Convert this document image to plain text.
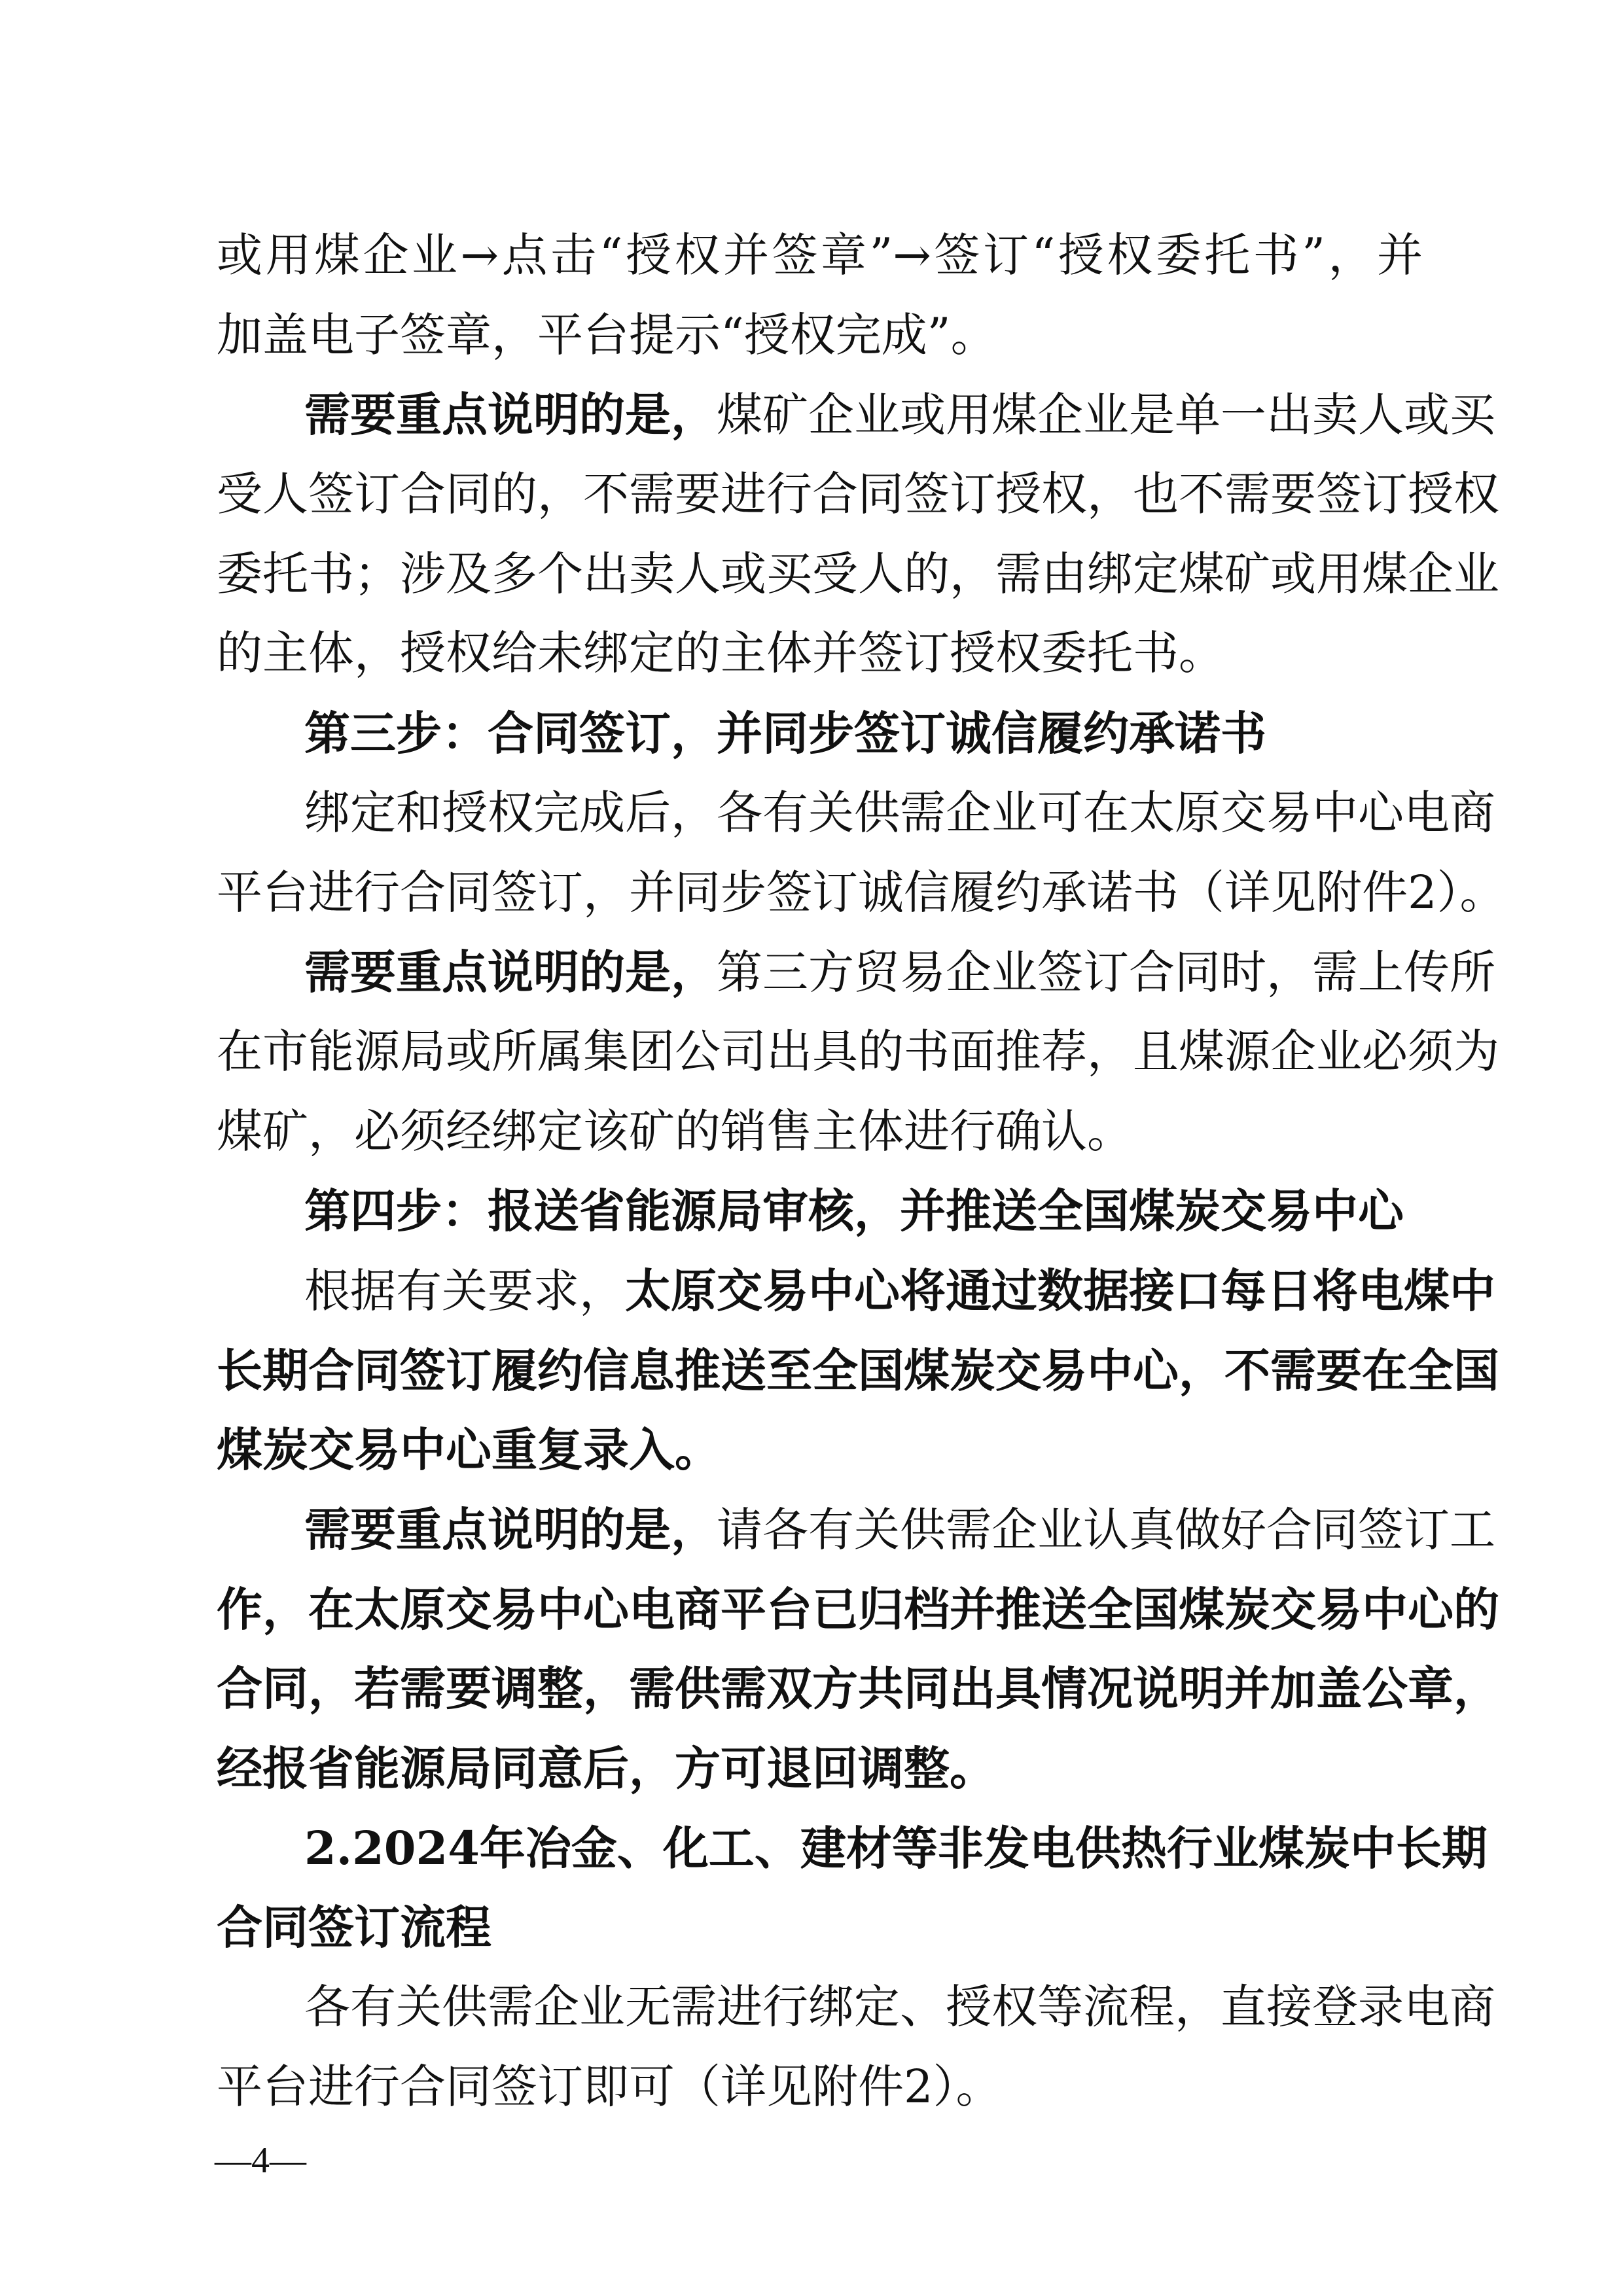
或用煤企业→点击“授权并签章”→签订“授权委托书”，并
加盖电子签章，平台提示“授权完成”。
需要重点说明的是，煤矿企业或用煤企业是单一出卖人或买
受人签订合同的，不需要进行合同签订授权，也不需要签订授权
委托书；涉及多个出卖人或买受人的，需由绑定煤矿或用煤企业
的主体，授权给未绑定的主体并签订授权委托书。
第三步：合同签订，并同步签订诚信履约承诺书
绑定和授权完成后，各有关供需企业可在太原交易中心电商
平台进行合同签订，并同步签订诚信履约承诺书（详见附件2）。
需要重点说明的是，第三方贸易企业签订合同时，需上传所
在市能源局或所属集团公司出具的书面推荐，且煤源企业必须为
煤矿，必须经绑定该矿的销售主体进行确认。
第四步：报送省能源局审核，并推送全国煤炭交易中心
根据有关要求，太原交易中心将通过数据接口每日将电煤中
长期合同签订履约信息推送至全国煤炭交易中心，不需要在全国
煤炭交易中心重复录入。
需要重点说明的是，请各有关供需企业认真做好合同签订工
作，在太原交易中心电商平台已归档并推送全国煤炭交易中心的
合同，若需要调整，需供需双方共同出具情况说明并加盖公章，
经报省能源局同意后，方可退回调整。
2.2024年冶金、化工、建材等非发电供热行业煤炭中长期
合同签订流程
各有关供需企业无需进行绑定、授权等流程，直接登录电商
平台进行合同签订即可（详见附件2）。
—4—
